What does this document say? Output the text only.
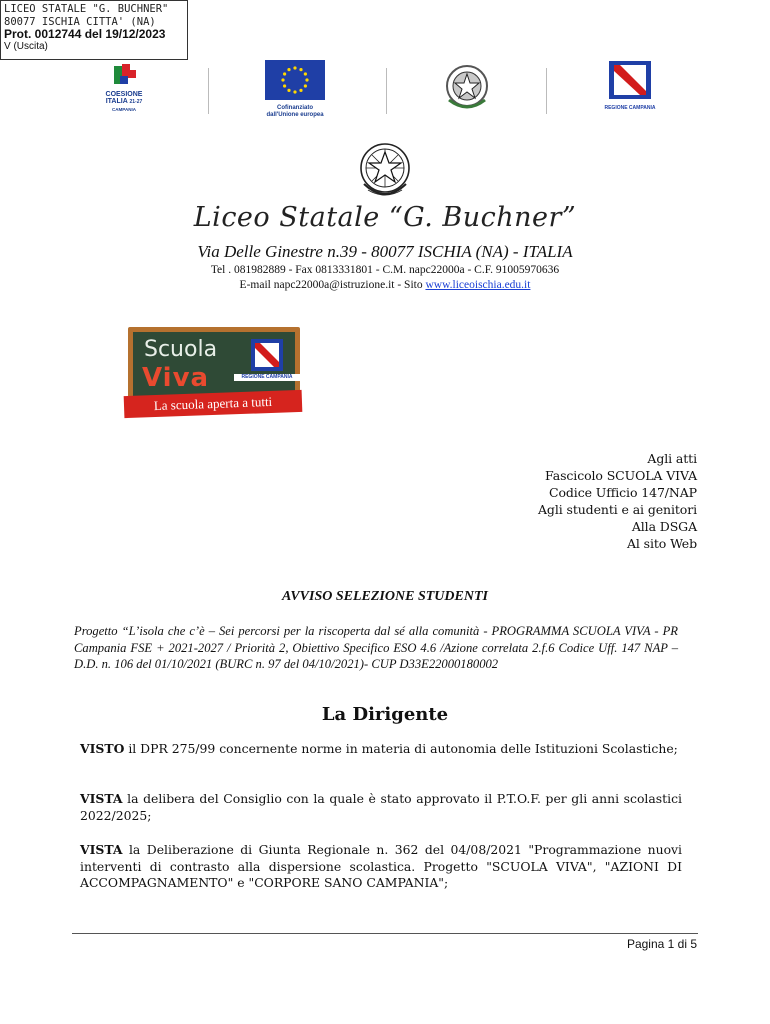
LICEO STATALE "G. BUCHNER"
80077 ISCHIA CITTA' (NA)
Prot. 0012744 del 19/12/2023
V (Uscita)
COESIONE
ITALIA 21-27
CAMPANIA	Cofinanziato
dall'Unione europea
REGIONE CAMPANIA
Liceo Statale “G. Buchner”
Via Delle Ginestre n.39 - 80077 ISCHIA (NA) - ITALIA
Tel . 081982889 - Fax 0813331801 - C.M. napc22000a - C.F. 91005970636
E-mail napc22000a@istruzione.it - Sito www.liceoischia.edu.it
Scuola
Viva	REGIONE CAMPANIA
La scuola aperta a tutti
Agli atti
Fascicolo SCUOLA VIVA
Codice Ufficio 147/NAP
Agli studenti e ai genitori
Alla DSGA
Al sito Web
AVVISO SELEZIONE STUDENTI
Progetto “L’isola che c’è – Sei percorsi per la riscoperta dal sé alla comunità - PROGRAMMA SCUOLA VIVA - PR Campania FSE + 2021-2027 / Priorità 2, Obiettivo Specifico ESO 4.6 /Azione correlata 2.f.6 Codice Uff. 147 NAP – D.D. n. 106 del 01/10/2021 (BURC n. 97 del 04/10/2021)- CUP D33E22000180002
La Dirigente
VISTO il DPR 275/99 concernente norme in materia di autonomia delle Istituzioni Scolastiche;
VISTA la delibera del Consiglio con la quale è stato approvato il P.T.O.F. per gli anni scolastici 2022/2025;
VISTA la Deliberazione di Giunta Regionale n. 362 del 04/08/2021 "Programmazione nuovi interventi di contrasto alla dispersione scolastica. Progetto "SCUOLA VIVA", "AZIONI DI ACCOMPAGNAMENTO" e "CORPORE SANO CAMPANIA";
Pagina 1 di 5
